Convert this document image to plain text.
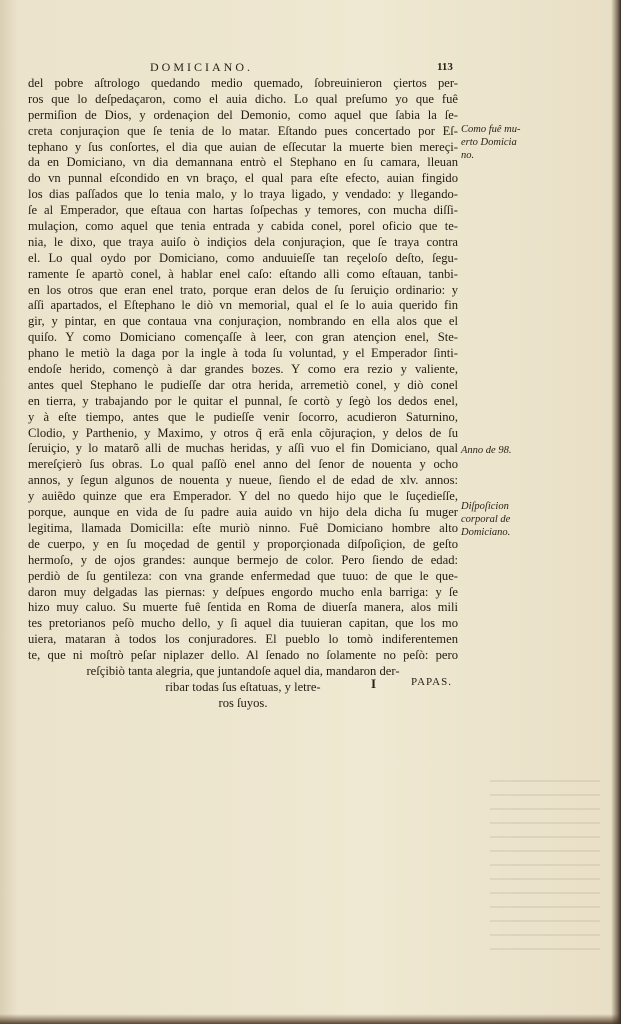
DOMICIANO.	113
del pobre aſtrologo quedando medio quemado, ſobreuinieron çiertos per-
ros que lo deſpedaçaron, como el auia dicho. Lo qual preſumo yo que fuê
permiſion de Dios, y ordenaçion del Demonio, como aquel que ſabia la ſe-
creta conjuraçion que ſe tenia de lo matar. Eſtando pues concertado por Eſ-
tephano y ſus conſortes, el dia que auian de eſſecutar la muerte bien mereçi-
da en Domiciano, vn dia demannana entrò el Stephano en ſu camara, lleuan
do vn punnal eſcondido en vn braço, el qual para eſte efecto, auian fingido
los dias paſſados que lo tenia malo, y lo traya ligado, y vendado: y llegando-
ſe al Emperador, que eſtaua con hartas ſoſpechas y temores, con mucha diſſi-
mulaçion, como aquel que tenia entrada y cabida conel, porel oficio que te-
nia, le dixo, que traya auiſo ò indiçios dela conjuraçion, que ſe traya contra
el. Lo qual oydo por Domiciano, como anduuieſſe tan reçeloſo deſto, ſegu-
ramente ſe apartò conel, à hablar enel caſo: eſtando alli como eſtauan, tanbi-
en los otros que eran enel trato, porque eran delos de ſu ſeruiçio ordinario: y
aſſi apartados, el Eſtephano le diò vn memorial, qual el ſe lo auia querido fin
gir, y pintar, en que contaua vna conjuraçion, nombrando en ella alos que el
quiſo. Y como Domiciano començaſſe à leer, con gran atençion enel, Ste-
phano le metiò la daga por la ingle à toda ſu voluntad, y el Emperador ſinti-
endoſe herido, començò à dar grandes bozes. Y como era rezio y valiente,
antes quel Stephano le pudieſſe dar otra herida, arremetiò conel, y diò conel
en tierra, y trabajando por le quitar el punnal, ſe cortò y ſegò los dedos enel,
y à eſte tiempo, antes que le pudieſſe venir ſocorro, acudieron Saturnino,
Clodio, y Parthenio, y Maximo, y otros q̃ erã enla cõjuraçion, y delos de ſu
ſeruiçio, y lo matarõ alli de muchas heridas, y aſſi vuo el fin Domiciano, qual
mereſçierò ſus obras. Lo qual paſſò enel anno del ſenor de nouenta y ocho
annos, y ſegun algunos de nouenta y nueue, ſiendo el de edad de xlv. annos:
y auiẽdo quinze que era Emperador. Y del no quedo hijo que le ſuçedieſſe,
porque, aunque en vida de ſu padre auia auido vn hijo dela dicha ſu muger
legitima, llamada Domicilla: eſte muriò ninno. Fuê Domiciano hombre alto
de cuerpo, y en ſu moçedad de gentil y proporçionada diſpoſiçion, de geſto
hermoſo, y de ojos grandes: aunque bermejo de color. Pero ſiendo de edad:
perdiò de ſu gentileza: con vna grande enfermedad que tuuo: de que le que-
daron muy delgadas las piernas: y deſpues engordo mucho enla barriga: y ſe
hizo muy caluo. Su muerte fuê ſentida en Roma de diuerſa manera, alos mili
tes pretorianos peſò mucho dello, y ſi aquel dia tuuieran capitan, que los mo
uiera, mataran à todos los conjuradores. El pueblo lo tomò indiferentemen
te, que ni moſtrò peſar niplazer dello. Al ſenado no ſolamente no peſò: pero
reſçibiò tanta alegria, que juntandoſe aquel dia, mandaron der-
ribar todas ſus eſtatuas, y letre-
ros ſuyos.
Como fuê mu-
erto Domicia
no.
Anno de 98.
Diſpoſicion
corporal de
Domiciano.
I	PAPAS.
